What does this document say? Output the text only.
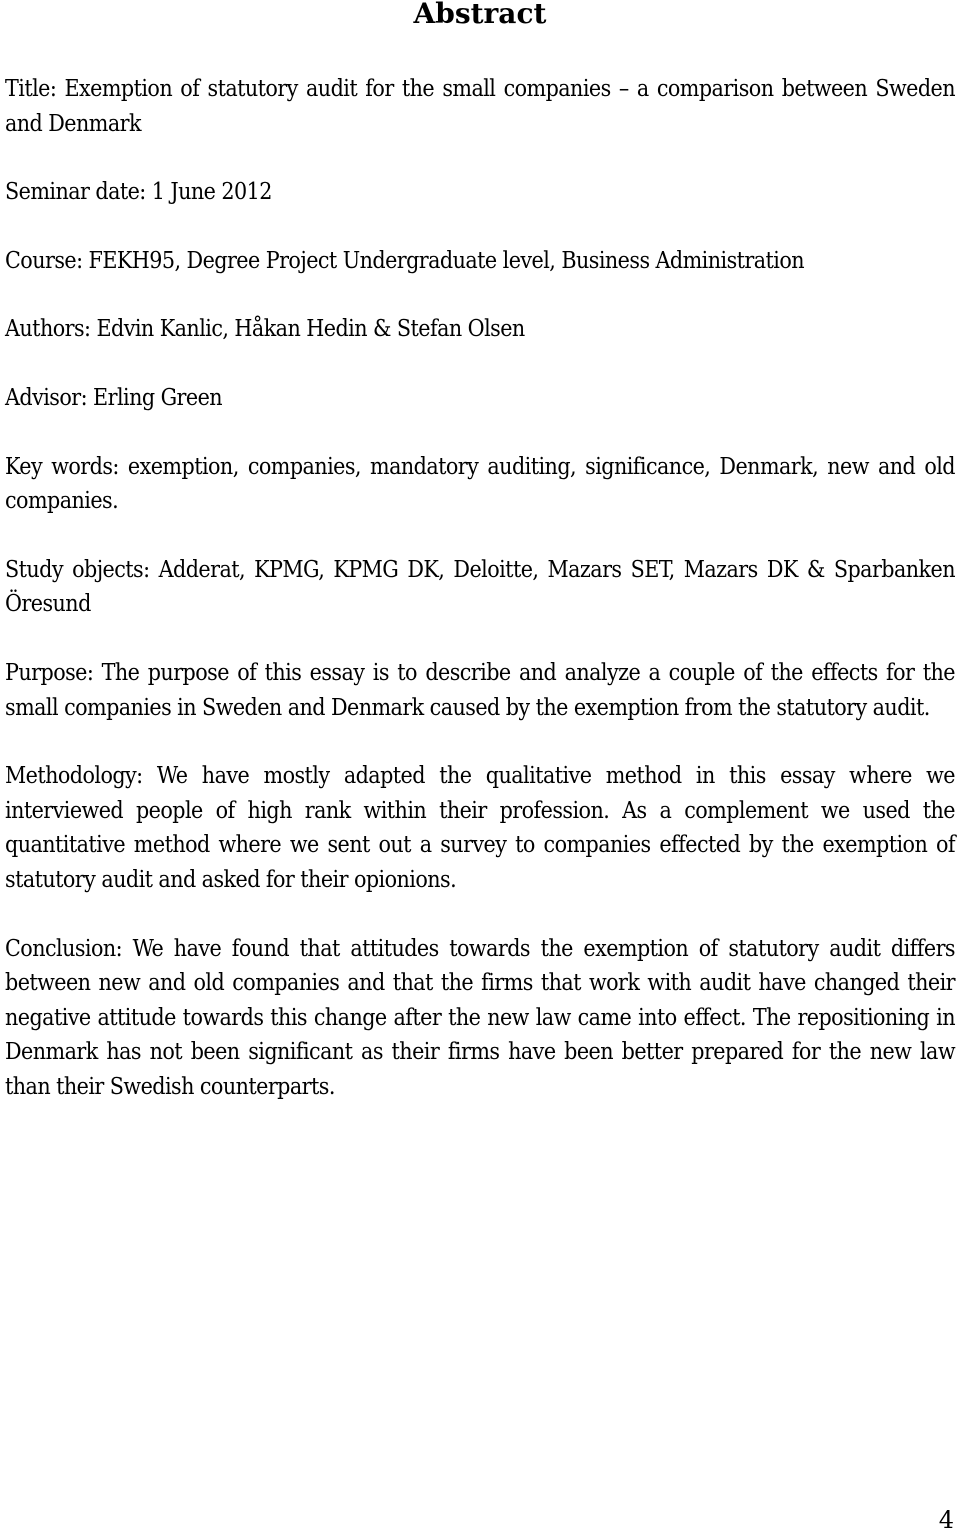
Abstract

Title: Exemption of statutory audit for the small companies – a comparison between Sweden and Denmark

Seminar date: 1 June 2012

Course: FEKH95, Degree Project Undergraduate level, Business Administration

Authors: Edvin Kanlic, Håkan Hedin & Stefan Olsen

Advisor: Erling Green

Key words: exemption, companies, mandatory auditing, significance, Denmark, new and old companies.

Study objects: Adderat, KPMG, KPMG DK, Deloitte, Mazars SET, Mazars DK & Sparbanken Öresund

Purpose: The purpose of this essay is to describe and analyze a couple of the effects for the small companies in Sweden and Denmark caused by the exemption from the statutory audit.

Methodology: We have mostly adapted the qualitative method in this essay where we interviewed people of high rank within their profession. As a complement we used the quantitative method where we sent out a survey to companies effected by the exemption of statutory audit and asked for their opionions.

Conclusion: We have found that attitudes towards the exemption of statutory audit differs between new and old companies and that the firms that work with audit have changed their negative attitude towards this change after the new law came into effect. The repositioning in Denmark has not been significant as their firms have been better prepared for the new law than their Swedish counterparts.

4
